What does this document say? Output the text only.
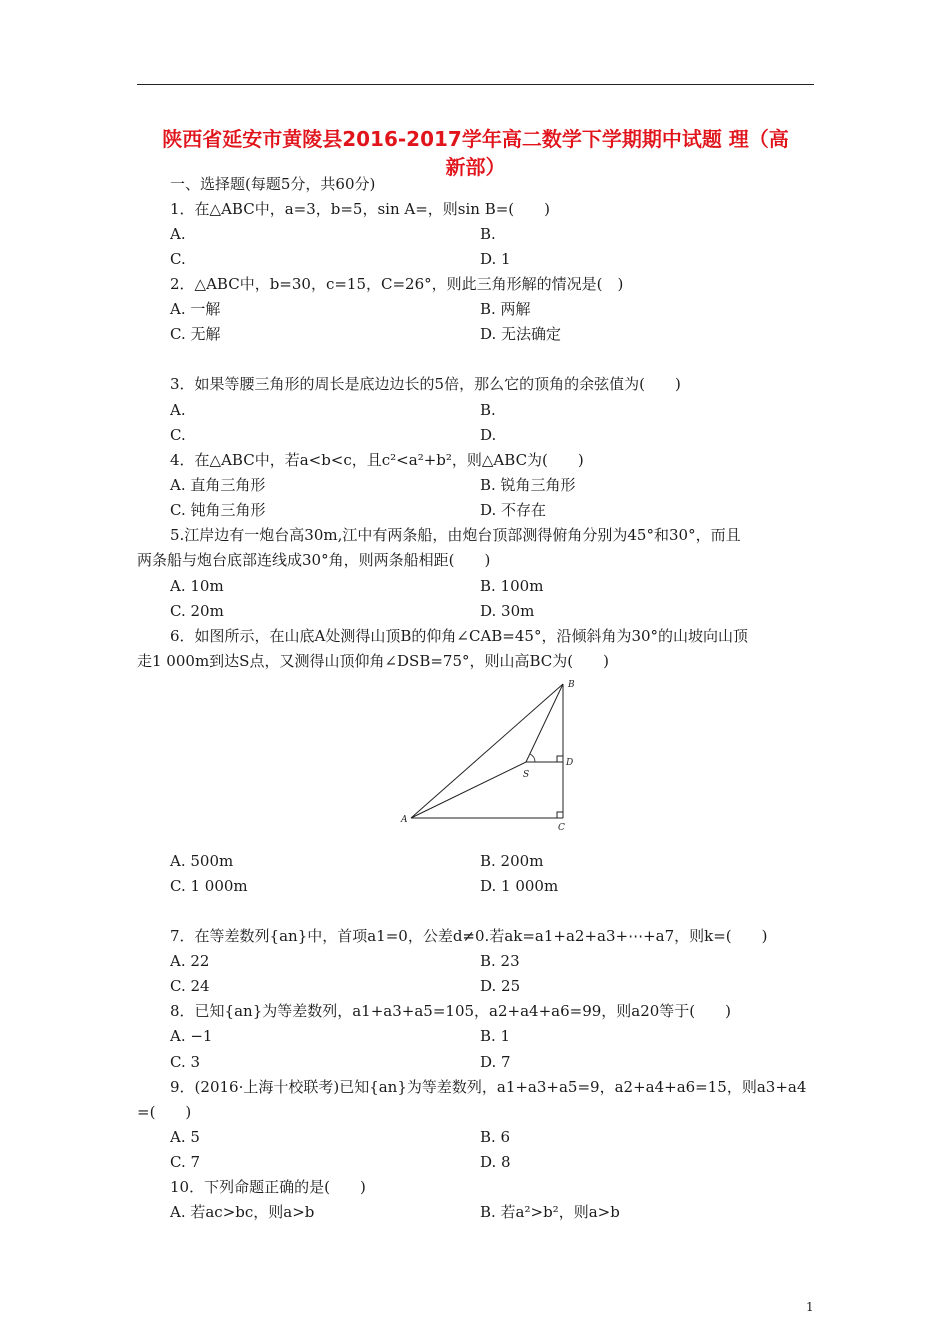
陕西省延安市黄陵县2016-2017学年高二数学下学期期中试题 理（高
新部）
一、选择题(每题5分，共60分)
1．在△ABC中，a=3，b=5，sin A=，则sin B=(　　)
A.	B.
C.	D. 1
2．△ABC中，b=30，c=15，C=26°，则此三角形解的情况是(　)
A. 一解	B. 两解
C. 无解	D. 无法确定
3．如果等腰三角形的周长是底边边长的5倍，那么它的顶角的余弦值为(　　)
A.	B.
C.	D.
4．在△ABC中，若a<b<c，且c²<a²+b²，则△ABC为(　　)
A. 直角三角形	B. 锐角三角形
C. 钝角三角形	D. 不存在
5.江岸边有一炮台高30m,江中有两条船，由炮台顶部测得俯角分别为45°和30°，而且
两条船与炮台底部连线成30°角，则两条船相距(　　)
A. 10m	B. 100m
C. 20m	D. 30m
6．如图所示，在山底A处测得山顶B的仰角∠CAB=45°，沿倾斜角为30°的山坡向山顶
走1 000m到达S点，又测得山顶仰角∠DSB=75°，则山高BC为(　　)
B
D
S
A
C
A. 500m	B. 200m
C. 1 000m	D. 1 000m
7．在等差数列{an}中，首项a1=0，公差d≠0.若ak=a1+a2+a3+⋯+a7，则k=(　　)
A. 22	B. 23
C. 24	D. 25
8．已知{an}为等差数列，a1+a3+a5=105，a2+a4+a6=99，则a20等于(　　)
A. −1	B. 1
C. 3	D. 7
9．(2016·上海十校联考)已知{an}为等差数列，a1+a3+a5=9，a2+a4+a6=15，则a3+a4
=(　　)
A. 5	B. 6
C. 7	D. 8
10．下列命题正确的是(　　)
A. 若ac>bc，则a>b	B. 若a²>b²，则a>b
1
